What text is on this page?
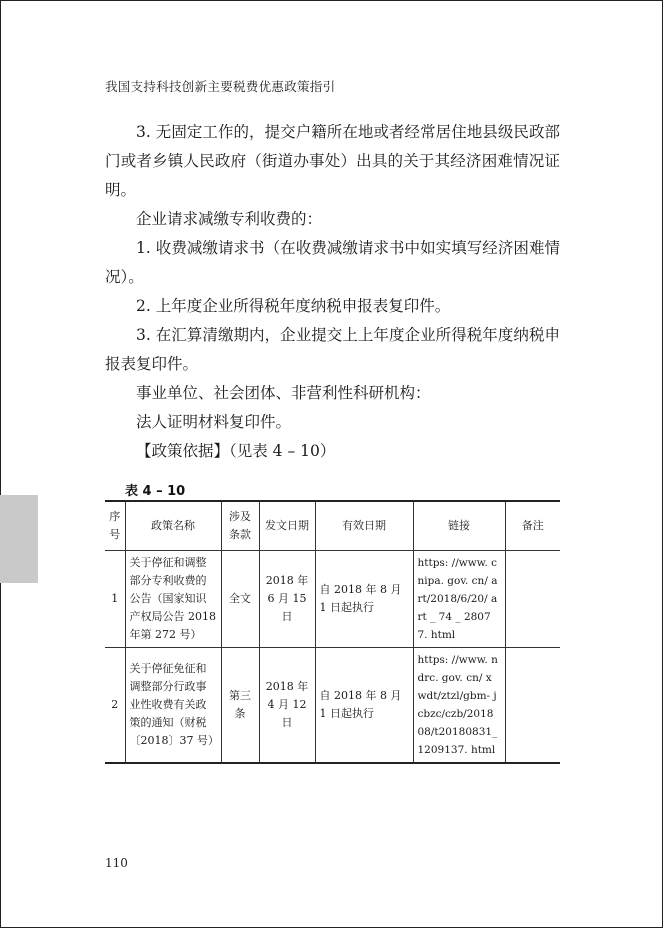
我国支持科技创新主要税费优惠政策指引

3. 无固定工作的，提交户籍所在地或者经常居住地县级民政部门或者乡镇人民政府（街道办事处）出具的关于其经济困难情况证明。

企业请求减缴专利收费的：

1. 收费减缴请求书（在收费减缴请求书中如实填写经济困难情况）。

2. 上年度企业所得税年度纳税申报表复印件。

3. 在汇算清缴期内，企业提交上上年度企业所得税年度纳税申报表复印件。

事业单位、社会团体、非营利性科研机构：

法人证明材料复印件。

【政策依据】（见表 4 – 10）

表 4 – 10
序号	政策名称	涉及条款	发文日期	有效日期	链接	备注
1	关于停征和调整部分专利收费的公告（国家知识产权局公告 2018 年第 272 号）	全文	2018 年 6 月 15 日	自 2018 年 8 月 1 日起执行	https: //www. cnipa. gov. cn/ art/2018/6/20/ art _ 74 _ 28077. html	
2	关于停征免征和调整部分行政事业性收费有关政策的通知（财税〔2018〕37 号）	第三条	2018 年 4 月 12 日	自 2018 年 8 月 1 日起执行	https: //www. ndrc. gov. cn/ xwdt/ztzl/gbm- jcbzc/czb/2018 08/t20180831_ 1209137. html	
110
